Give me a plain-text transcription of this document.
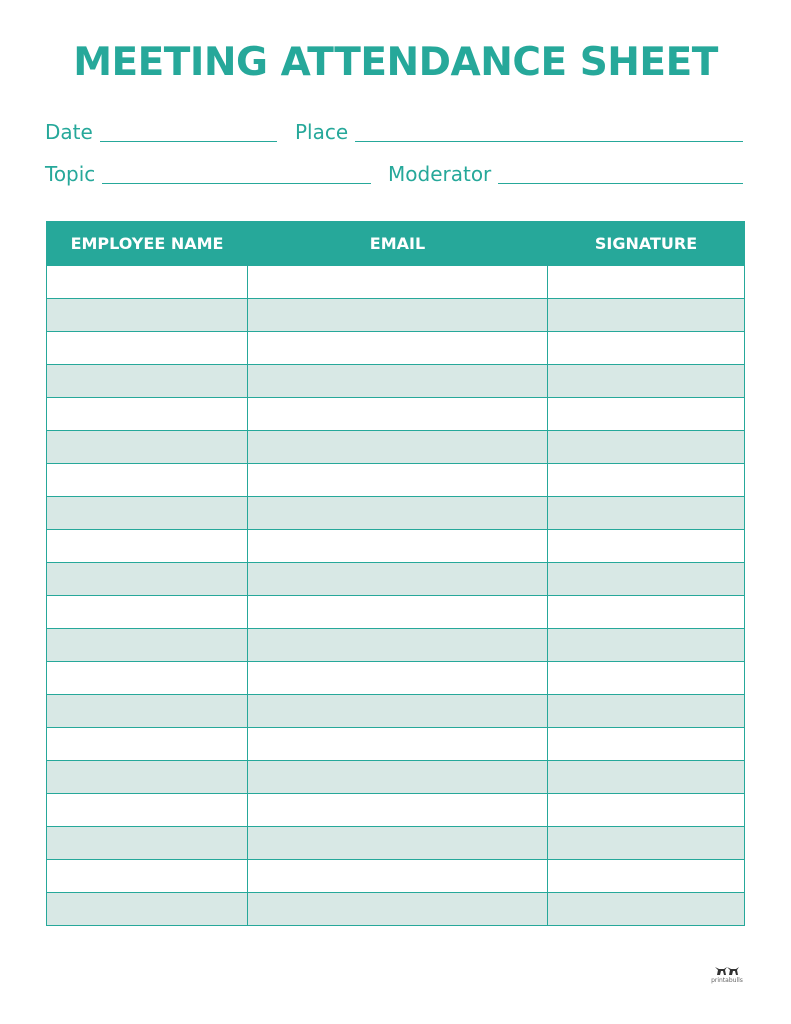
MEETING ATTENDANCE SHEET
Date	Place
Topic	Moderator
EMPLOYEE NAME	EMAIL	SIGNATURE

printabulls
